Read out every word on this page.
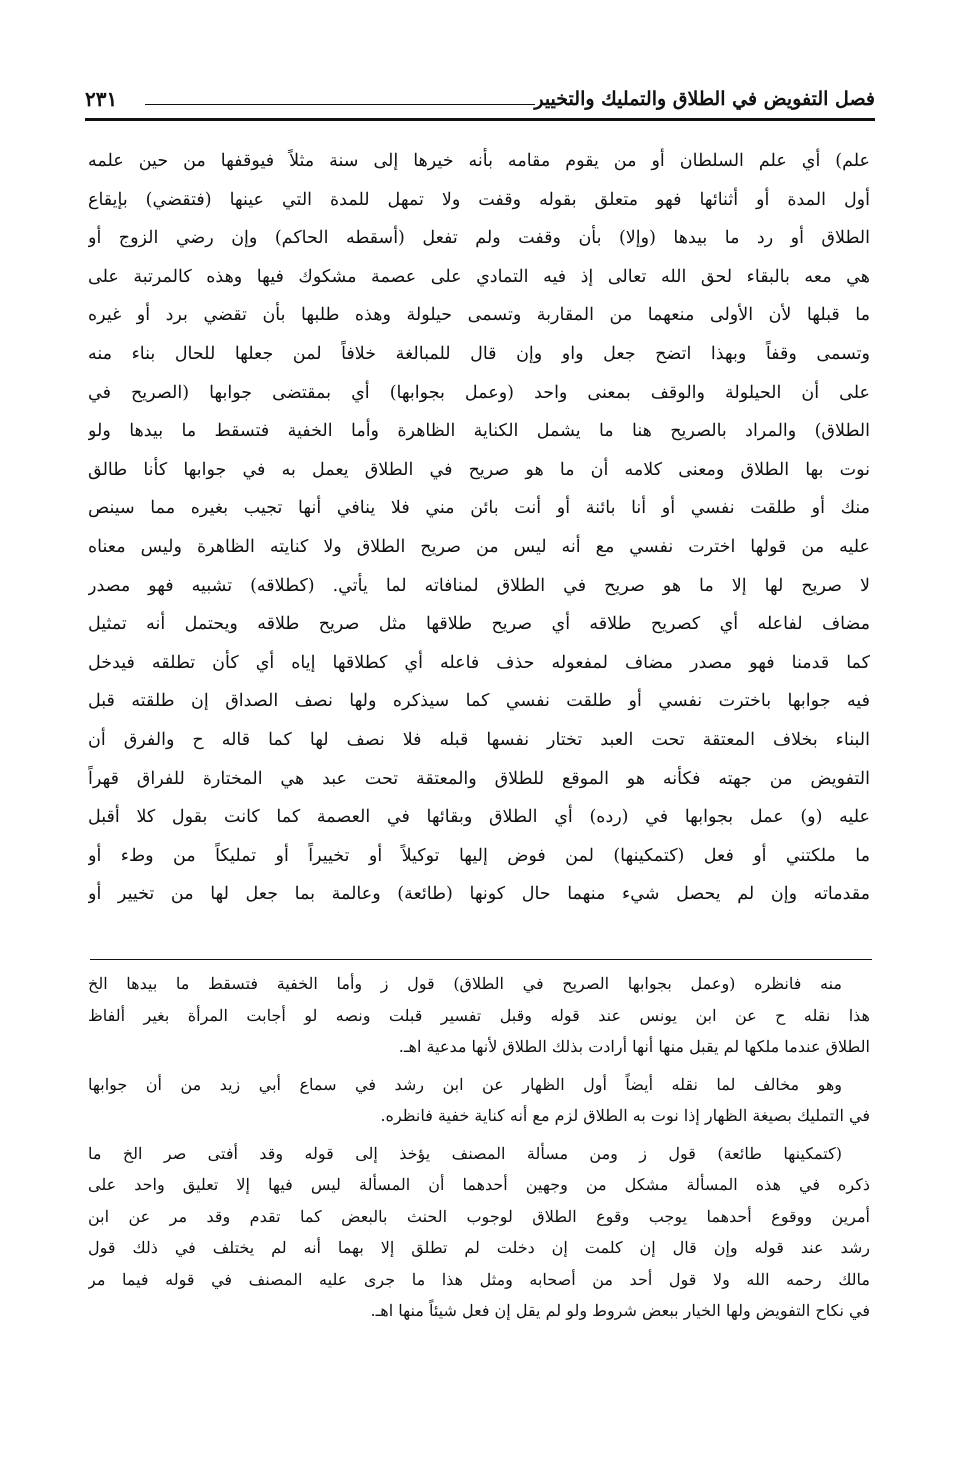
فصل التفويض في الطلاق والتمليك والتخيير
٢٣١
علم) أي علم السلطان أو من يقوم مقامه بأنه خيرها إلى سنة مثلاً فيوقفها من حين علمه
أول المدة أو أثنائها فهو متعلق بقوله وقفت ولا تمهل للمدة التي عينها (فتقضي) بإيقاع
الطلاق أو رد ما بيدها (وإلا) بأن وقفت ولم تفعل (أسقطه الحاكم) وإن رضي الزوج أو
هي معه بالبقاء لحق الله تعالى إذ فيه التمادي على عصمة مشكوك فيها وهذه كالمرتبة على
ما قبلها لأن الأولى منعهما من المقاربة وتسمى حيلولة وهذه طلبها بأن تقضي برد أو غيره
وتسمى وقفاً وبهذا اتضح جعل واو وإن قال للمبالغة خلافاً لمن جعلها للحال بناء منه
على أن الحيلولة والوقف بمعنى واحد (وعمل بجوابها) أي بمقتضى جوابها (الصريح في
الطلاق) والمراد بالصريح هنا ما يشمل الكناية الظاهرة وأما الخفية فتسقط ما بيدها ولو
نوت بها الطلاق ومعنى كلامه أن ما هو صريح في الطلاق يعمل به في جوابها كأنا طالق
منك أو طلقت نفسي أو أنا بائنة أو أنت بائن مني فلا ينافي أنها تجيب بغيره مما سينص
عليه من قولها اخترت نفسي مع أنه ليس من صريح الطلاق ولا كنايته الظاهرة وليس معناه
لا صريح لها إلا ما هو صريح في الطلاق لمنافاته لما يأتي. (كطلاقه) تشبيه فهو مصدر
مضاف لفاعله أي كصريح طلاقه أي صريح طلاقها مثل صريح طلاقه ويحتمل أنه تمثيل
كما قدمنا فهو مصدر مضاف لمفعوله حذف فاعله أي كطلاقها إياه أي كأن تطلقه فيدخل
فيه جوابها باخترت نفسي أو طلقت نفسي كما سيذكره ولها نصف الصداق إن طلقته قبل
البناء بخلاف المعتقة تحت العبد تختار نفسها قبله فلا نصف لها كما قاله ح والفرق أن
التفويض من جهته فكأنه هو الموقع للطلاق والمعتقة تحت عبد هي المختارة للفراق قهراً
عليه (و) عمل بجوابها في (رده) أي الطلاق وبقائها في العصمة كما كانت بقول كلا أقبل
ما ملكتني أو فعل (كتمكينها) لمن فوض إليها توكيلاً أو تخييراً أو تمليكاً من وطء أو
مقدماته وإن لم يحصل شيء منهما حال كونها (طائعة) وعالمة بما جعل لها من تخيير أو
منه فانظره (وعمل بجوابها الصريح في الطلاق) قول ز وأما الخفية فتسقط ما بيدها الخ
هذا نقله ح عن ابن يونس عند قوله وقبل تفسير قبلت ونصه لو أجابت المرأة بغير ألفاظ
الطلاق عندما ملكها لم يقبل منها أنها أرادت بذلك الطلاق لأنها مدعية اهـ.
وهو مخالف لما نقله أيضاً أول الظهار عن ابن رشد في سماع أبي زيد من أن جوابها
في التمليك بصيغة الظهار إذا نوت به الطلاق لزم مع أنه كناية خفية فانظره.
(كتمكينها طائعة) قول ز ومن مسألة المصنف يؤخذ إلى قوله وقد أفتى صر الخ ما
ذكره في هذه المسألة مشكل من وجهين أحدهما أن المسألة ليس فيها إلا تعليق واحد على
أمرين ووقوع أحدهما يوجب وقوع الطلاق لوجوب الحنث بالبعض كما تقدم وقد مر عن ابن
رشد عند قوله وإن قال إن كلمت إن دخلت لم تطلق إلا بهما أنه لم يختلف في ذلك قول
مالك رحمه الله ولا قول أحد من أصحابه ومثل هذا ما جرى عليه المصنف في قوله فيما مر
في نكاح التفويض ولها الخيار ببعض شروط ولو لم يقل إن فعل شيئاً منها اهـ.
